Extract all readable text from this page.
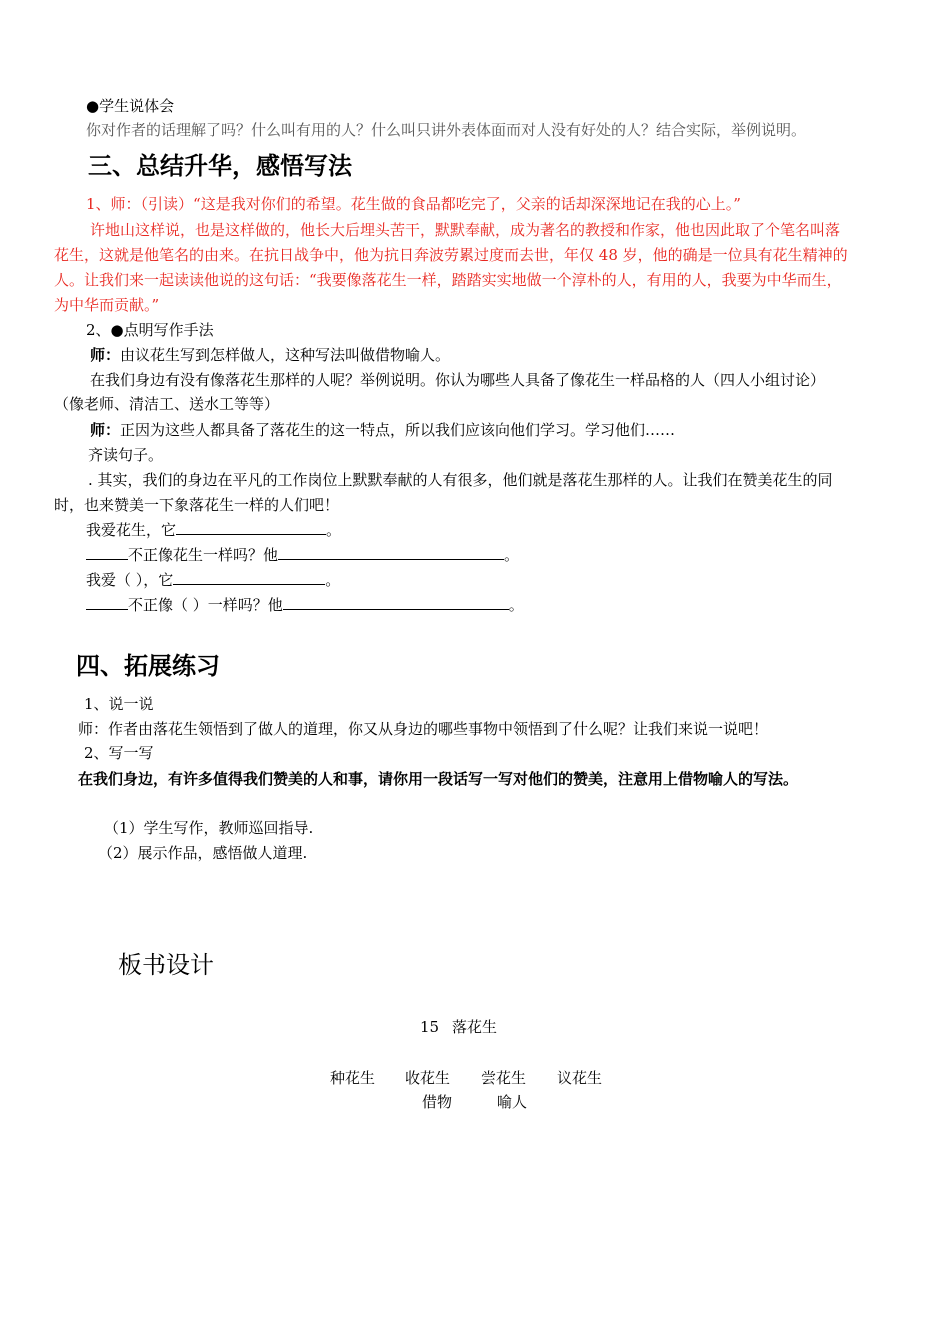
●学生说体会
你对作者的话理解了吗？什么叫有用的人？什么叫只讲外表体面而对人没有好处的人？结合实际，举例说明。
三、总结升华，感悟写法
1、师：（引读）“这是我对你们的希望。花生做的食品都吃完了，父亲的话却深深地记在我的心上。”
许地山这样说，也是这样做的，他长大后埋头苦干，默默奉献，成为著名的教授和作家，他也因此取了个笔名叫落
花生，这就是他笔名的由来。在抗日战争中，他为抗日奔波劳累过度而去世，年仅 48 岁，他的确是一位具有花生精神的
人。让我们来一起读读他说的这句话：“我要像落花生一样，踏踏实实地做一个淳朴的人，有用的人，我要为中华而生，
为中华而贡献。”
2、●点明写作手法
师：由议花生写到怎样做人，这种写法叫做借物喻人。
在我们身边有没有像落花生那样的人呢？举例说明。你认为哪些人具备了像花生一样品格的人（四人小组讨论）
（像老师、清洁工、送水工等等）
师：正因为这些人都具备了落花生的这一特点，所以我们应该向他们学习。学习他们……
齐读句子。
. 其实，我们的身边在平凡的工作岗位上默默奉献的人有很多，他们就是落花生那样的人。让我们在赞美花生的同
时，也来赞美一下象落花生一样的人们吧！
我爱花生，它	。
不正像花生一样吗？他	。
我爱（ ），它	。
不正像（ ）一样吗？他	。
四、拓展练习
1、说一说
师：作者由落花生领悟到了做人的道理，你又从身边的哪些事物中领悟到了什么呢？让我们来说一说吧！
2、写一写
在我们身边，有许多值得我们赞美的人和事，请你用一段话写一写对他们的赞美，注意用上借物喻人的写法。
（1）学生写作，教师巡回指导.
（2）展示作品，感悟做人道理.
板书设计
15 落花生
种花生 收花生 尝花生 议花生
借物	喻人
